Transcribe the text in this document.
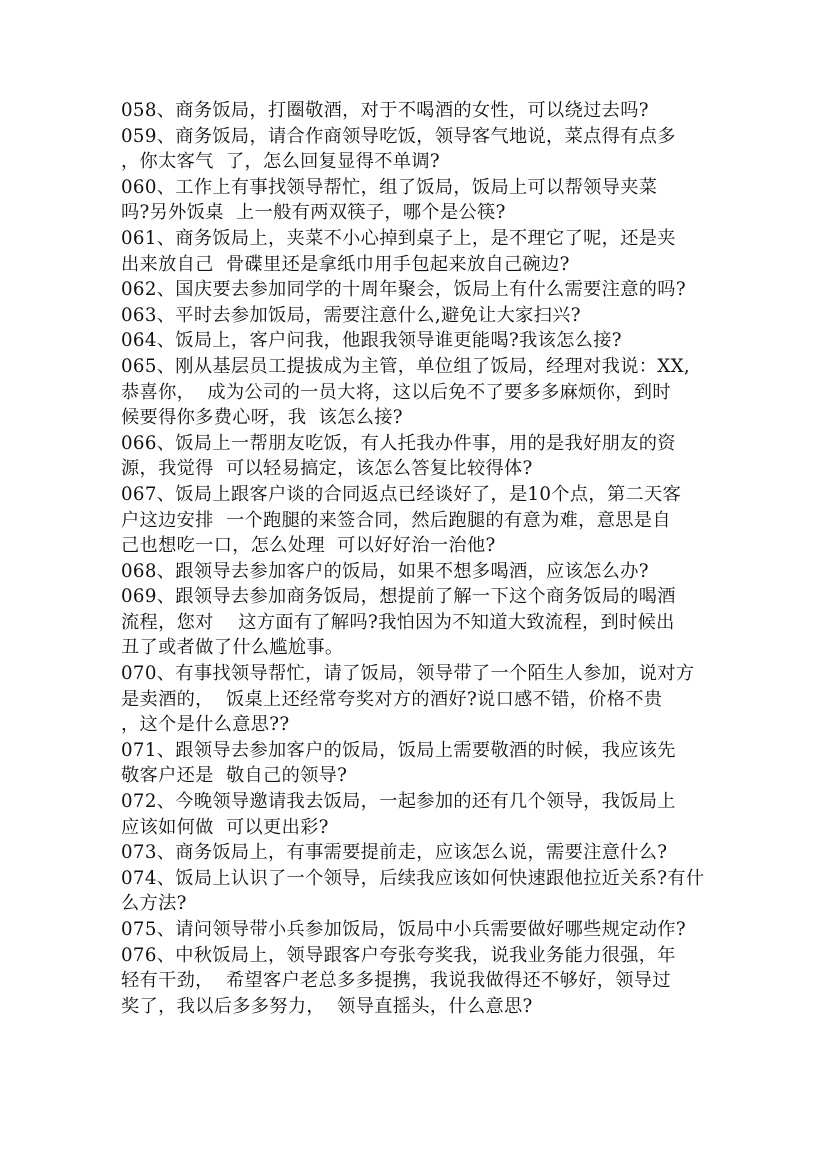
058、商务饭局，打圈敬酒，对于不喝酒的女性，可以绕过去吗?
059、商务饭局，请合作商领导吃饭，领导客气地说，菜点得有点多
，你太客气  了，怎么回复显得不单调?
060、工作上有事找领导帮忙，组了饭局，饭局上可以帮领导夹菜
吗?另外饭桌  上一般有两双筷子，哪个是公筷?
061、商务饭局上，夹菜不小心掉到桌子上，是不理它了呢，还是夹
出来放自己  骨碟里还是拿纸巾用手包起来放自己碗边?
062、国庆要去参加同学的十周年聚会，饭局上有什么需要注意的吗?
063、平时去参加饭局，需要注意什么,避免让大家扫兴?
064、饭局上，客户问我，他跟我领导谁更能喝?我该怎么接?
065、刚从基层员工提拔成为主管，单位组了饭局，经理对我说：XX,
恭喜你，  成为公司的一员大将，这以后免不了要多多麻烦你，到时
候要得你多费心呀，我  该怎么接?
066、饭局上一帮朋友吃饭，有人托我办件事，用的是我好朋友的资
源，我觉得  可以轻易搞定，该怎么答复比较得体?
067、饭局上跟客户谈的合同返点已经谈好了，是10个点，第二天客
户这边安排  一个跑腿的来签合同，然后跑腿的有意为难，意思是自
己也想吃一口，怎么处理  可以好好治一治他?
068、跟领导去参加客户的饭局，如果不想多喝酒，应该怎么办?
069、跟领导去参加商务饭局，想提前了解一下这个商务饭局的喝酒
流程，您对    这方面有了解吗?我怕因为不知道大致流程，到时候出
丑了或者做了什么尴尬事。
070、有事找领导帮忙，请了饭局，领导带了一个陌生人参加，说对方
是卖酒的，  饭桌上还经常夸奖对方的酒好?说口感不错，价格不贵
，这个是什么意思??
071、跟领导去参加客户的饭局，饭局上需要敬酒的时候，我应该先
敬客户还是  敬自己的领导?
072、今晚领导邀请我去饭局，一起参加的还有几个领导，我饭局上
应该如何做  可以更出彩?
073、商务饭局上，有事需要提前走，应该怎么说，需要注意什么?
074、饭局上认识了一个领导，后续我应该如何快速跟他拉近关系?有什
么方法?
075、请问领导带小兵参加饭局，饭局中小兵需要做好哪些规定动作?
076、中秋饭局上，领导跟客户夸张夸奖我，说我业务能力很强，年
轻有干劲，  希望客户老总多多提携，我说我做得还不够好，领导过
奖了，我以后多多努力，  领导直摇头，什么意思?
